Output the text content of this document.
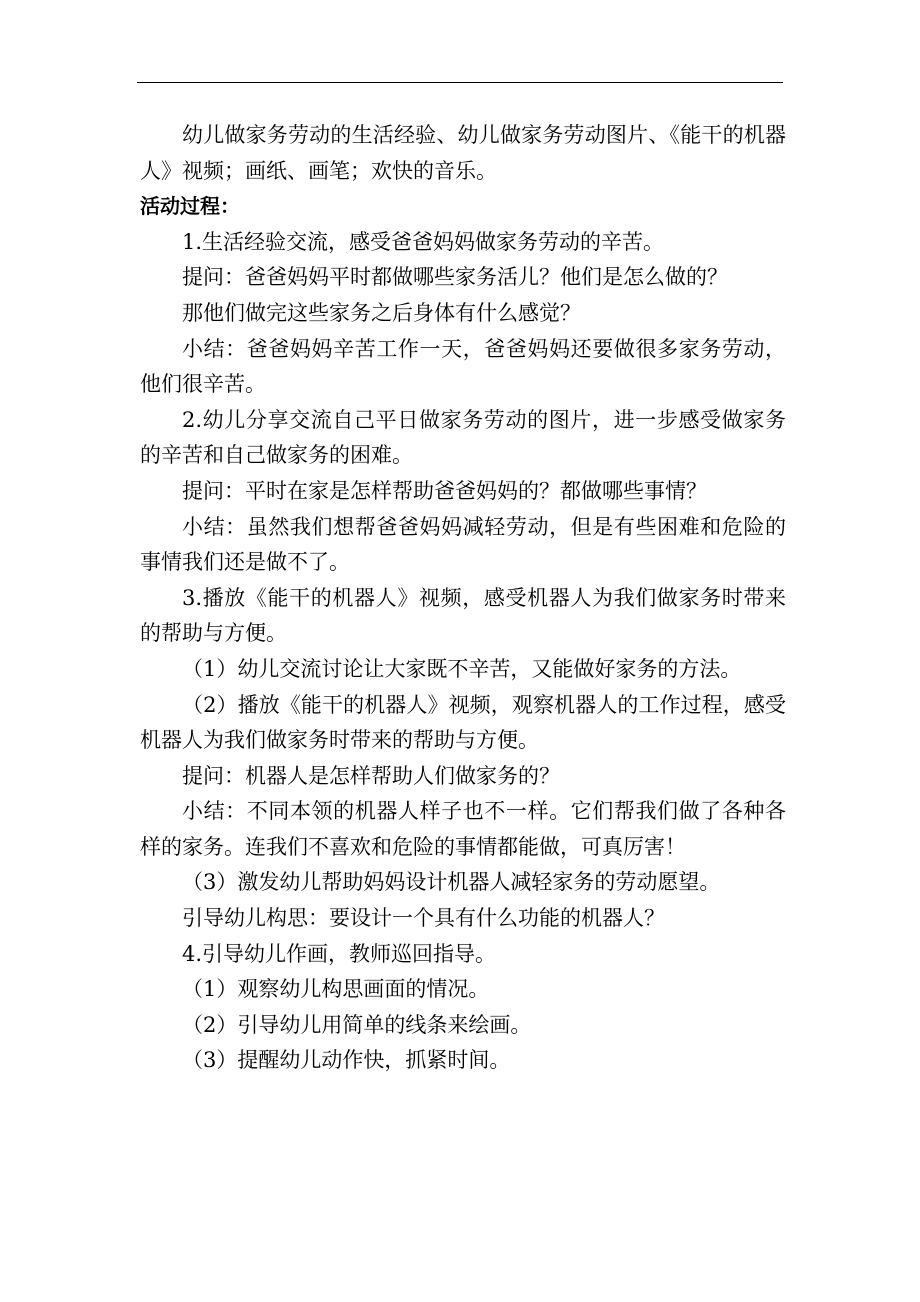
幼儿做家务劳动的生活经验、幼儿做家务劳动图片、《能干的机器人》视频；画纸、画笔；欢快的音乐。

活动过程：

1.生活经验交流，感受爸爸妈妈做家务劳动的辛苦。

提问：爸爸妈妈平时都做哪些家务活儿？他们是怎么做的？

那他们做完这些家务之后身体有什么感觉？

小结：爸爸妈妈辛苦工作一天，爸爸妈妈还要做很多家务劳动，他们很辛苦。

2.幼儿分享交流自己平日做家务劳动的图片，进一步感受做家务的辛苦和自己做家务的困难。

提问：平时在家是怎样帮助爸爸妈妈的？都做哪些事情？

小结：虽然我们想帮爸爸妈妈减轻劳动，但是有些困难和危险的事情我们还是做不了。

3.播放《能干的机器人》视频，感受机器人为我们做家务时带来的帮助与方便。

（1）幼儿交流讨论让大家既不辛苦，又能做好家务的方法。

（2）播放《能干的机器人》视频，观察机器人的工作过程，感受机器人为我们做家务时带来的帮助与方便。

提问：机器人是怎样帮助人们做家务的？

小结：不同本领的机器人样子也不一样。它们帮我们做了各种各样的家务。连我们不喜欢和危险的事情都能做，可真厉害！

（3）激发幼儿帮助妈妈设计机器人减轻家务的劳动愿望。

引导幼儿构思：要设计一个具有什么功能的机器人？

4.引导幼儿作画，教师巡回指导。

（1）观察幼儿构思画面的情况。

（2）引导幼儿用简单的线条来绘画。

（3）提醒幼儿动作快，抓紧时间。
